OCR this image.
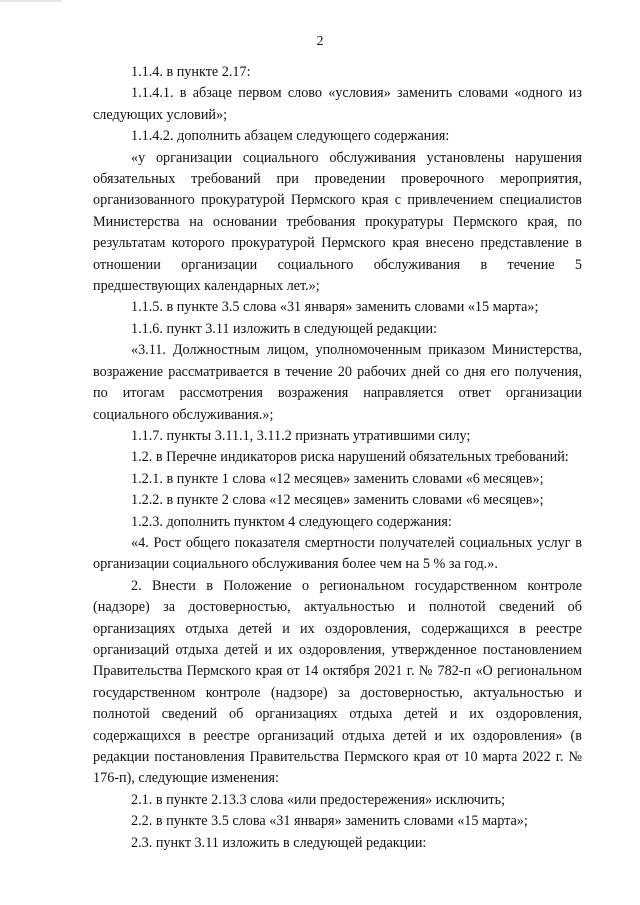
2

1.1.4. в пункте 2.17:

1.1.4.1. в абзаце первом слово «условия» заменить словами «одного из следующих условий»;

1.1.4.2. дополнить абзацем следующего содержания:

«у организации социального обслуживания установлены нарушения обязательных требований при проведении проверочного мероприятия, организованного прокуратурой Пермского края с привлечением специалистов Министерства на основании требования прокуратуры Пермского края, по результатам которого прокуратурой Пермского края внесено представление в отношении организации социального обслуживания в течение 5 предшествующих календарных лет.»;

1.1.5. в пункте 3.5 слова «31 января» заменить словами «15 марта»;

1.1.6. пункт 3.11 изложить в следующей редакции:

«3.11. Должностным лицом, уполномоченным приказом Министерства, возражение рассматривается в течение 20 рабочих дней со дня его получения, по итогам рассмотрения возражения направляется ответ организации социального обслуживания.»;

1.1.7. пункты 3.11.1, 3.11.2 признать утратившими силу;

1.2. в Перечне индикаторов риска нарушений обязательных требований:

1.2.1. в пункте 1 слова «12 месяцев» заменить словами «6 месяцев»;

1.2.2. в пункте 2 слова «12 месяцев» заменить словами «6 месяцев»;

1.2.3. дополнить пунктом 4 следующего содержания:

«4. Рост общего показателя смертности получателей социальных услуг в организации социального обслуживания более чем на 5 % за год.».

2. Внести в Положение о региональном государственном контроле (надзоре) за достоверностью, актуальностью и полнотой сведений об организациях отдыха детей и их оздоровления, содержащихся в реестре организаций отдыха детей и их оздоровления, утвержденное постановлением Правительства Пермского края от 14 октября 2021 г. № 782-п «О региональном государственном контроле (надзоре) за достоверностью, актуальностью и полнотой сведений об организациях отдыха детей и их оздоровления, содержащихся в реестре организаций отдыха детей и их оздоровления» (в редакции постановления Правительства Пермского края от 10 марта 2022 г. № 176-п), следующие изменения:

2.1. в пункте 2.13.3 слова «или предостережения» исключить;

2.2. в пункте 3.5 слова «31 января» заменить словами «15 марта»;

2.3. пункт 3.11 изложить в следующей редакции:
